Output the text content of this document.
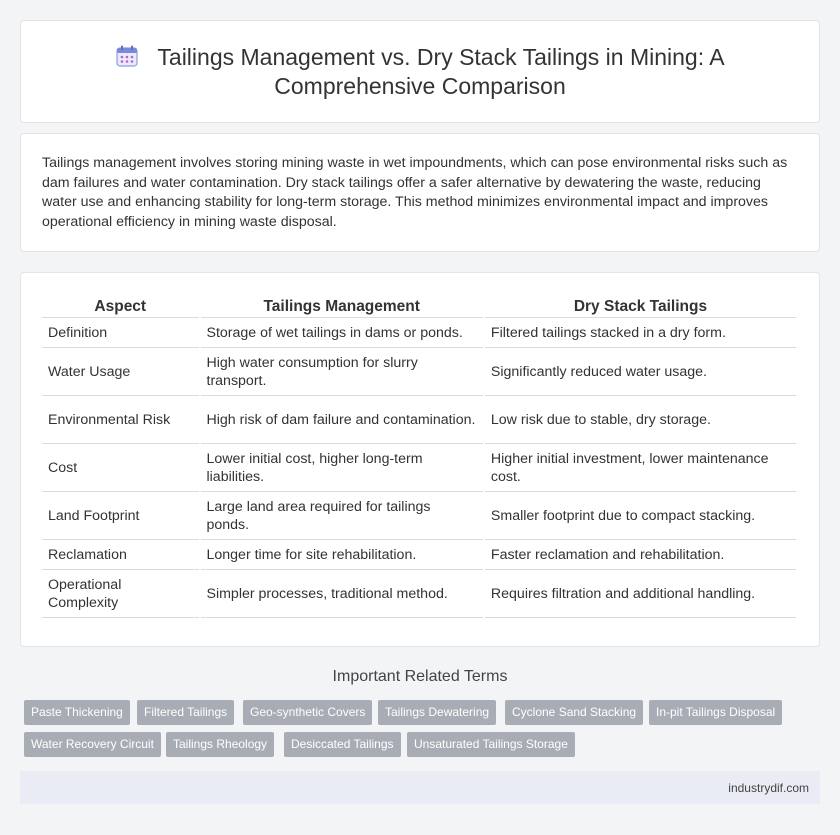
Tailings Management vs. Dry Stack Tailings in Mining: A Comprehensive Comparison

Tailings management involves storing mining waste in wet impoundments, which can pose environmental risks such as dam failures and water contamination. Dry stack tailings offer a safer alternative by dewatering the waste, reducing water use and enhancing stability for long-term storage. This method minimizes environmental impact and improves operational efficiency in mining waste disposal.

Aspect	Tailings Management	Dry Stack Tailings
Definition	Storage of wet tailings in dams or ponds.	Filtered tailings stacked in a dry form.
Water Usage	High water consumption for slurry transport.	Significantly reduced water usage.
Environmental Risk	High risk of dam failure and contamination.	Low risk due to stable, dry storage.
Cost	Lower initial cost, higher long-term liabilities.	Higher initial investment, lower maintenance cost.
Land Footprint	Large land area required for tailings ponds.	Smaller footprint due to compact stacking.
Reclamation	Longer time for site rehabilitation.	Faster reclamation and rehabilitation.
Operational Complexity	Simpler processes, traditional method.	Requires filtration and additional handling.
Important Related Terms
Paste Thickening	Filtered Tailings	Geo-synthetic Covers	Tailings Dewatering	Cyclone Sand Stacking	In-pit Tailings Disposal
Water Recovery Circuit	Tailings Rheology	Desiccated Tailings	Unsaturated Tailings Storage
industrydif.com
